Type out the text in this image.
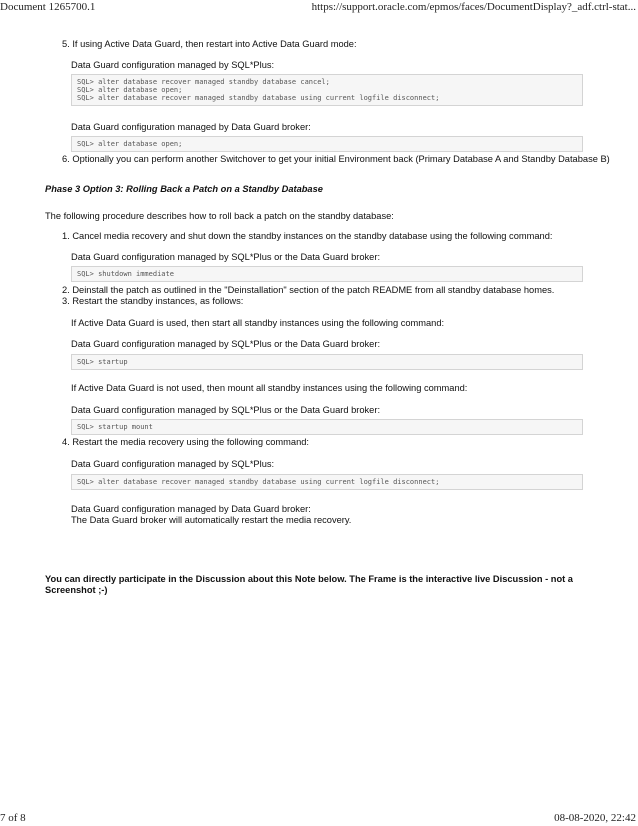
Document 1265700.1	https://support.oracle.com/epmos/faces/DocumentDisplay?_adf.ctrl-stat...
5. If using Active Data Guard, then restart into Active Data Guard mode:
Data Guard configuration managed by SQL*Plus:
SQL> alter database recover managed standby database cancel;
SQL> alter database open;
SQL> alter database recover managed standby database using current logfile disconnect;
Data Guard configuration managed by Data Guard broker:
SQL> alter database open;
6. Optionally you can perform another Switchover to get your initial Environment back (Primary Database A and Standby Database B)
Phase 3 Option 3: Rolling Back a Patch on a Standby Database
The following procedure describes how to roll back a patch on the standby database:
1. Cancel media recovery and shut down the standby instances on the standby database using the following command:
Data Guard configuration managed by SQL*Plus or the Data Guard broker:
SQL> shutdown immediate
2. Deinstall the patch as outlined in the "Deinstallation" section of the patch README from all standby database homes.
3. Restart the standby instances, as follows:
If Active Data Guard is used, then start all standby instances using the following command:
Data Guard configuration managed by SQL*Plus or the Data Guard broker:
SQL> startup
If Active Data Guard is not used, then mount all standby instances using the following command:
Data Guard configuration managed by SQL*Plus or the Data Guard broker:
SQL> startup mount
4. Restart the media recovery using the following command:
Data Guard configuration managed by SQL*Plus:
SQL> alter database recover managed standby database using current logfile disconnect;
Data Guard configuration managed by Data Guard broker:
The Data Guard broker will automatically restart the media recovery.
You can directly participate in the Discussion about this Note below. The Frame is the interactive live Discussion - not a
Screenshot ;-)
7 of 8	08-08-2020, 22:42
